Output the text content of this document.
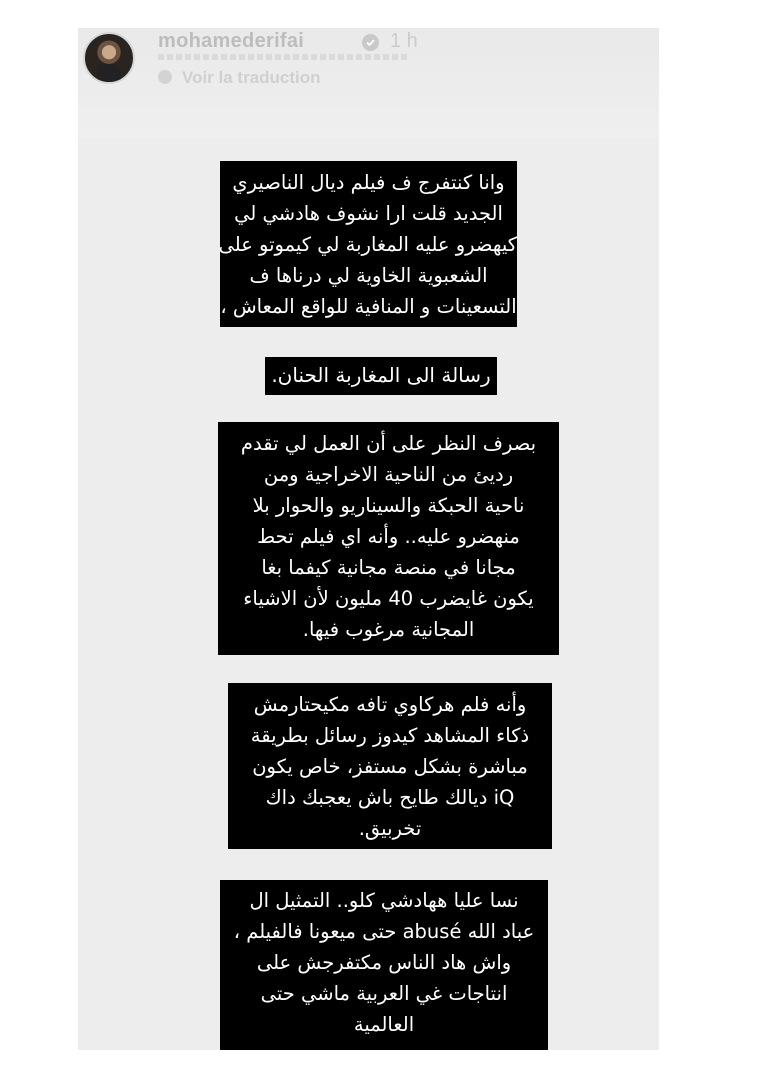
mohamederifai	1 h
Voir la traduction
وانا كنتفرج ف فيلم ديال الناصيري
الجديد قلت ارا نشوف هادشي لي
كيهضرو عليه المغاربة لي كيموتو على
الشعبوية الخاوية لي درناها ف
التسعينات و المنافية للواقع المعاش ،
رسالة الى المغاربة الحنان.
بصرف النظر على أن العمل لي تقدم
رديئ من الناحية الاخراجية ومن
ناحية الحبكة والسيناريو والحوار بلا
منهضرو عليه.. وأنه اي فيلم تحط
مجانا في منصة مجانية كيفما بغا
يكون غايضرب 40 مليون لأن الاشياء
المجانية مرغوب فيها.
وأنه فلم هركاوي تافه مكيحتارمش
ذكاء المشاهد كيدوز رسائل بطريقة
مباشرة بشكل مستفز، خاص يكون
iQ ديالك طايح باش يعجبك داك
تخربيق.
نسا عليا ههادشي كلو.. التمثيل ال
عباد الله abusé حتى ميعونا فالفيلم ،
واش هاد الناس مكتفرجش على
انتاجات غي العربية ماشي حتى
العالمية
